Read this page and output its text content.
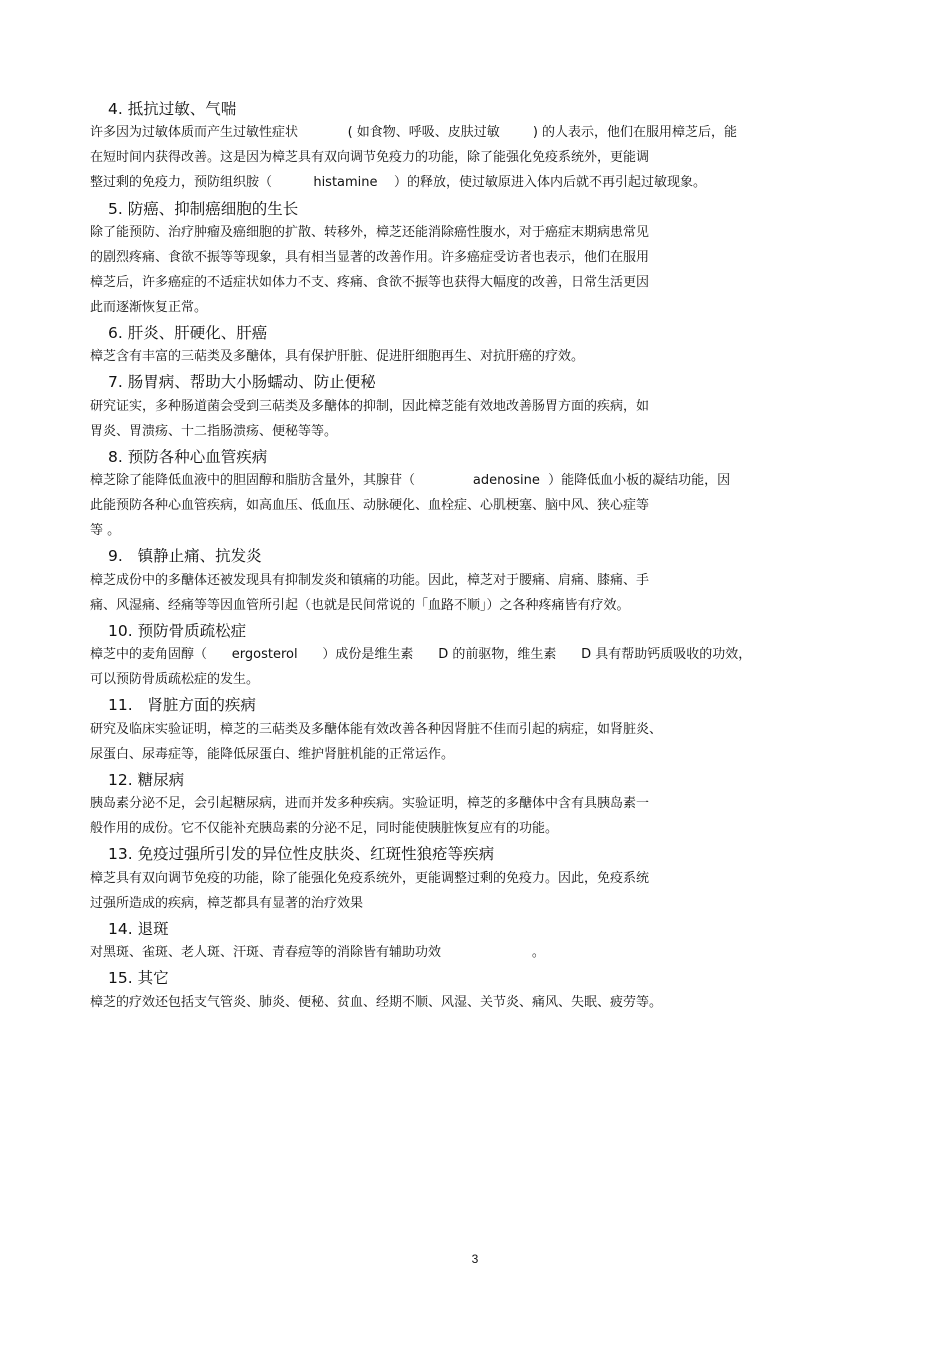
4. 抵抗过敏、气喘
许多因为过敏体质而产生过敏性症状            ( 如食物、呼吸、皮肤过敏        ) 的人表示，他们在服用樟芝后，能
在短时间内获得改善。这是因为樟芝具有双向调节免疫力的功能，除了能强化免疫系统外，更能调
整过剩的免疫力，预防组织胺（          histamine    ）的释放，使过敏原进入体内后就不再引起过敏现象。
5. 防癌、抑制癌细胞的生长
除了能预防、治疗肿瘤及癌细胞的扩散、转移外，樟芝还能消除癌性腹水，对于癌症末期病患常见
的剧烈疼痛、食欲不振等等现象，具有相当显著的改善作用。许多癌症受访者也表示，他们在服用
樟芝后，许多癌症的不适症状如体力不支、疼痛、食欲不振等也获得大幅度的改善，日常生活更因
此而逐渐恢复正常。
6. 肝炎、肝硬化、肝癌
樟芝含有丰富的三萜类及多醣体，具有保护肝脏、促进肝细胞再生、对抗肝癌的疗效。
7. 肠胃病、帮助大小肠蠕动、防止便秘
研究证实，多种肠道菌会受到三萜类及多醣体的抑制，因此樟芝能有效地改善肠胃方面的疾病，如
胃炎、胃溃疡、十二指肠溃疡、便秘等等。
8. 预防各种心血管疾病
樟芝除了能降低血液中的胆固醇和脂肪含量外，其腺苷（              adenosine  ）能降低血小板的凝结功能，因
此能预防各种心血管疾病，如高血压、低血压、动脉硬化、血栓症、心肌梗塞、脑中风、狭心症等
等 。
9.   镇静止痛、抗发炎
樟芝成份中的多醣体还被发现具有抑制发炎和镇痛的功能。因此，樟芝对于腰痛、肩痛、膝痛、手
痛、风湿痛、经痛等等因血管所引起（也就是民间常说的「血路不顺」）之各种疼痛皆有疗效。
10. 预防骨质疏松症
樟芝中的麦角固醇（      ergosterol      ）成份是维生素      D 的前驱物，维生素      D 具有帮助钙质吸收的功效，
可以预防骨质疏松症的发生。
11.   肾脏方面的疾病
研究及临床实验证明，樟芝的三萜类及多醣体能有效改善各种因肾脏不佳而引起的病症，如肾脏炎、
尿蛋白、尿毒症等，能降低尿蛋白、维护肾脏机能的正常运作。
12. 糖尿病
胰岛素分泌不足，会引起糖尿病，进而并发多种疾病。实验证明，樟芝的多醣体中含有具胰岛素一
般作用的成份。它不仅能补充胰岛素的分泌不足，同时能使胰脏恢复应有的功能。
13. 免疫过强所引发的异位性皮肤炎、红斑性狼疮等疾病
樟芝具有双向调节免疫的功能，除了能强化免疫系统外，更能调整过剩的免疫力。因此，免疫系统
过强所造成的疾病，樟芝都具有显著的治疗效果
14. 退斑
对黑斑、雀斑、老人斑、汗斑、青春痘等的消除皆有辅助功效                      。
15. 其它
樟芝的疗效还包括支气管炎、肺炎、便秘、贫血、经期不顺、风湿、关节炎、痛风、失眠、疲劳等。
3
